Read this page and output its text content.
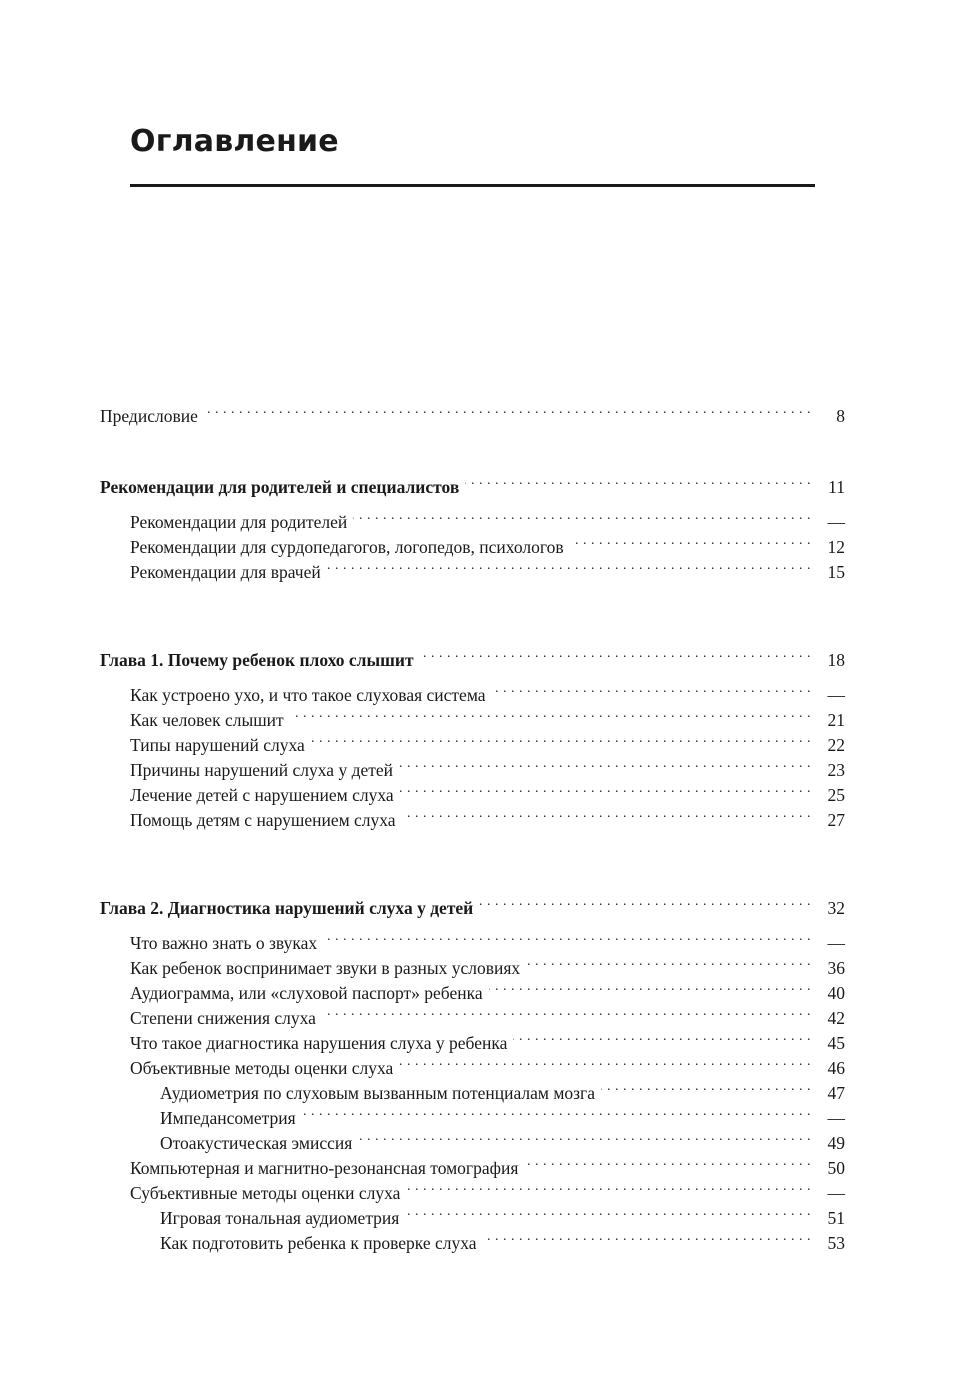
Оглавление
Предисловие . . .	8
Рекомендации для родителей и специалистов . . .	11
Рекомендации для родителей . . .	—
Рекомендации для сурдопедагогов, логопедов, психологов . . .	12
Рекомендации для врачей . . .	15
Глава 1. Почему ребенок плохо слышит . . .	18
Как устроено ухо, и что такое слуховая система . . .	—
Как человек слышит . . .	21
Типы нарушений слуха . . .	22
Причины нарушений слуха у детей . . .	23
Лечение детей с нарушением слуха . . .	25
Помощь детям с нарушением слуха . . .	27
Глава 2. Диагностика нарушений слуха у детей . . .	32
Что важно знать о звуках . . .	—
Как ребенок воспринимает звуки в разных условиях . . .	36
Аудиограмма, или «слуховой паспорт» ребенка . . .	40
Степени снижения слуха . . .	42
Что такое диагностика нарушения слуха у ребенка . . .	45
Объективные методы оценки слуха . . .	46
Аудиометрия по слуховым вызванным потенциалам мозга . . .	47
Импедансометрия . . .	—
Отоакустическая эмиссия . . .	49
Компьютерная и магнитно-резонансная томография . . .	50
Субъективные методы оценки слуха . . .	—
Игровая тональная аудиометрия . . .	51
Как подготовить ребенка к проверке слуха . . .	53
